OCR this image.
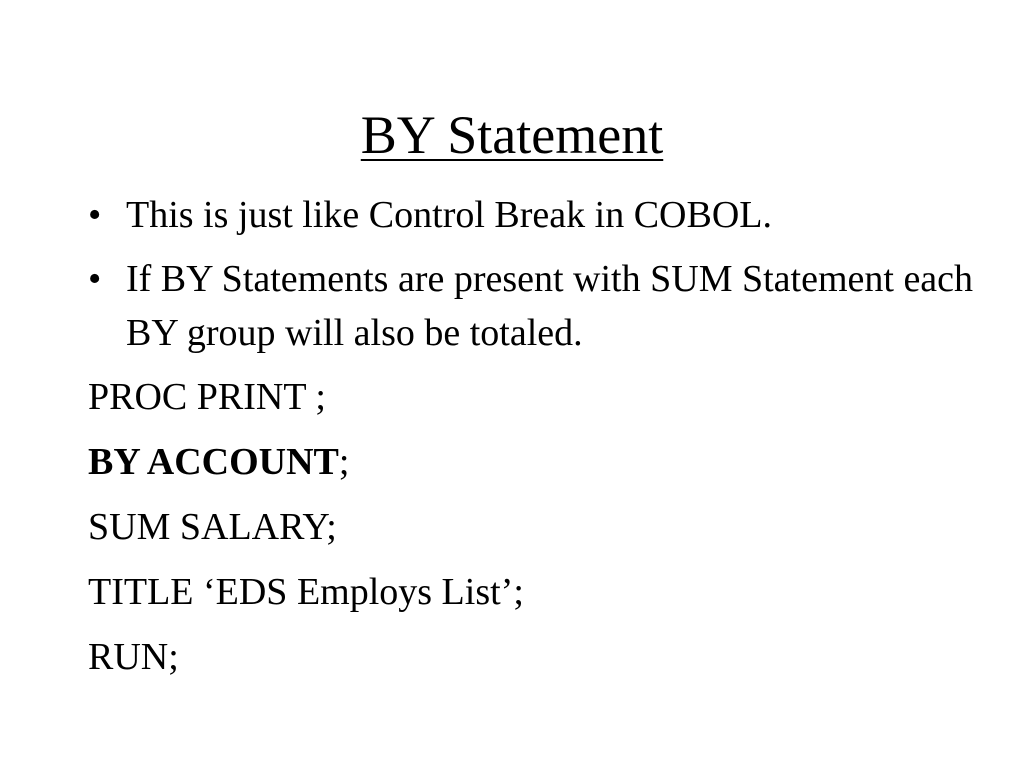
BY Statement
• This is just like Control Break in COBOL.
• If BY Statements are present with SUM Statement each BY group will also be totaled.
PROC PRINT ;
BY ACCOUNT;
SUM SALARY;
TITLE ‘EDS Employs List’;
RUN;
